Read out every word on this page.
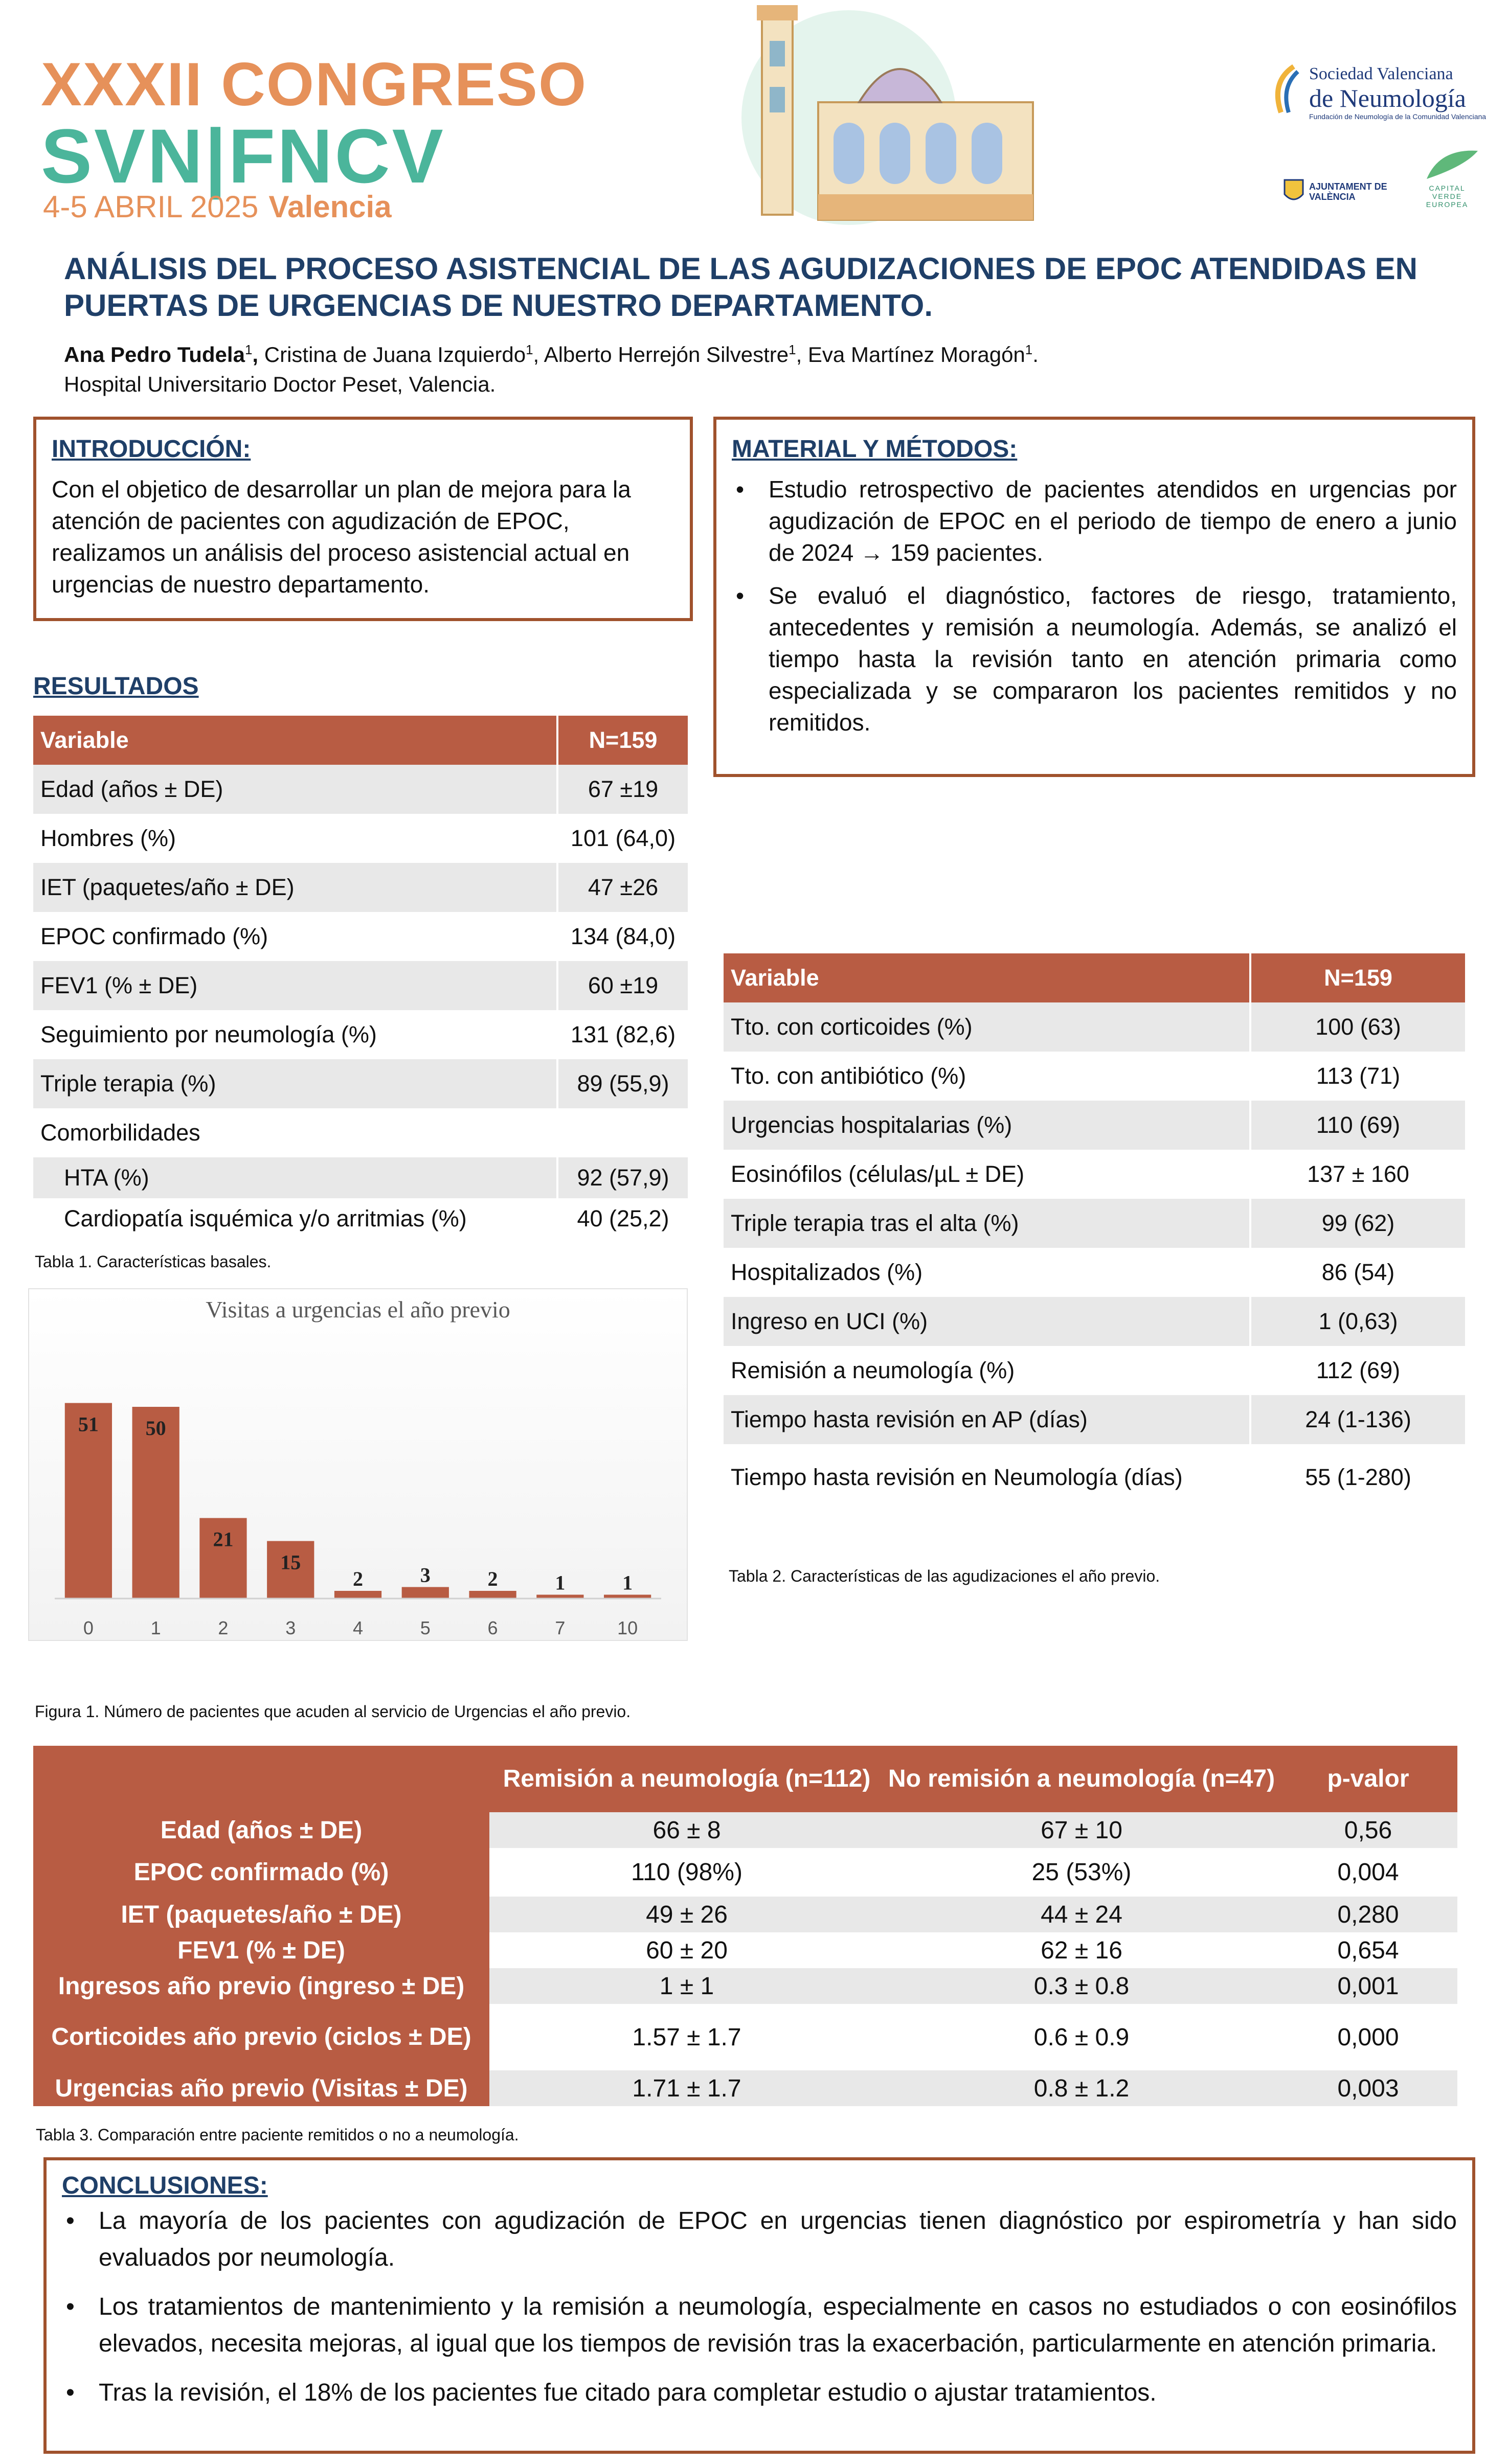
XXXII CONGRESO
SVN|FNCV
4-5 ABRIL 2025 Valencia
Sociedad Valenciana
de Neumología
Fundación de Neumología de la Comunidad Valenciana
AJUNTAMENT DE VALÈNCIA
CAPITAL VERDE EUROPEA
ANÁLISIS DEL PROCESO ASISTENCIAL DE LAS AGUDIZACIONES DE EPOC ATENDIDAS EN PUERTAS DE URGENCIAS DE NUESTRO DEPARTAMENTO.
Ana Pedro Tudela$^1$, Cristina de Juana Izquierdo$^1$, Alberto Herrejón Silvestre$^1$, Eva Martínez Moragón$^1$.
Hospital Universitario Doctor Peset, Valencia.
INTRODUCCIÓN:
Con el objetico de desarrollar un plan de mejora para la atención de pacientes con agudización de EPOC, realizamos un análisis del proceso asistencial actual en urgencias de nuestro departamento.
MATERIAL Y MÉTODOS:
• Estudio retrospectivo de pacientes atendidos en urgencias por agudización de EPOC en el periodo de tiempo de enero a junio de 2024 → 159 pacientes.
• Se evaluó el diagnóstico, factores de riesgo, tratamiento, antecedentes y remisión a neumología. Además, se analizó el tiempo hasta la revisión tanto en atención primaria como especializada y se compararon los pacientes remitidos y no remitidos.
RESULTADOS
Variable	N=159
Edad (años ± DE)	67 ±19
Hombres (%)	101 (64,0)
IET (paquetes/año ± DE)	47 ±26
EPOC confirmado (%)	134 (84,0)
FEV1 (% ± DE)	60 ±19
Seguimiento por neumología (%)	131 (82,6)
Triple terapia (%)	89 (55,9)
Comorbilidades	
HTA (%)	92 (57,9)
Cardiopatía isquémica y/o arritmias (%)	40 (25,2)
Tabla 1. Características basales.
Visitas a urgencias el año previo
51
0
50
1
21
2
15
3
2
4
3
5
2
6
1
7
1
10
Figura 1. Número de pacientes que acuden al servicio de Urgencias el año previo.
Variable	N=159
Tto. con corticoides (%)	100 (63)
Tto. con antibiótico (%)	113 (71)
Urgencias hospitalarias (%)	110 (69)
Eosinófilos (células/µL ± DE)	137 ± 160
Triple terapia tras el alta (%)	99 (62)
Hospitalizados (%)	86 (54)
Ingreso en UCI (%)	1 (0,63)
Remisión a neumología (%)	112 (69)
Tiempo hasta revisión en AP (días)	24 (1-136)
Tiempo hasta revisión en Neumología (días)	55 (1-280)
Tabla 2. Características de las agudizaciones el año previo.
	Remisión a neumología (n=112)	No remisión a neumología (n=47)	p-valor
Edad (años ± DE)	66 ± 8	67 ± 10	0,56
EPOC confirmado (%)	110 (98%)	25 (53%)	0,004
IET (paquetes/año ± DE)	49 ± 26	44 ± 24	0,280
FEV1 (% ± DE)	60 ± 20	62 ± 16	0,654
Ingresos año previo (ingreso ± DE)	1 ± 1	0.3 ± 0.8	0,001
Corticoides año previo (ciclos ± DE)	1.57 ± 1.7	0.6 ± 0.9	0,000
Urgencias año previo (Visitas ± DE)	1.71 ± 1.7	0.8 ± 1.2	0,003
Tabla 3. Comparación entre paciente remitidos o no a neumología.
CONCLUSIONES:
• La mayoría de los pacientes con agudización de EPOC en urgencias tienen diagnóstico por espirometría y han sido evaluados por neumología.
• Los tratamientos de mantenimiento y la remisión a neumología, especialmente en casos no estudiados o con eosinófilos elevados, necesita mejoras, al igual que los tiempos de revisión tras la exacerbación, particularmente en atención primaria.
• Tras la revisión, el 18% de los pacientes fue citado para completar estudio o ajustar tratamientos.
